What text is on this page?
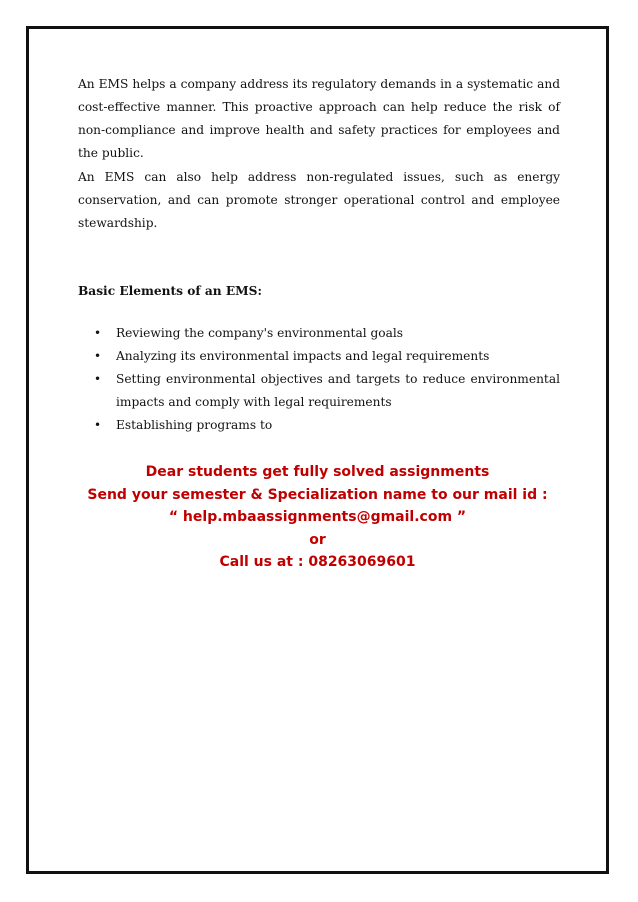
An EMS helps a company address its regulatory demands in a systematic and cost-effective manner. This proactive approach can help reduce the risk of non-compliance and improve health and safety practices for employees and the public.

An EMS can also help address non-regulated issues, such as energy conservation, and can promote stronger operational control and employee stewardship.

Basic Elements of an EMS:

• Reviewing the company's environmental goals
• Analyzing its environmental impacts and legal requirements
• Setting environmental objectives and targets to reduce environmental impacts and comply with legal requirements
• Establishing programs to
Dear students get fully solved assignments
Send your semester & Specialization name to our mail id :
“ help.mbaassignments@gmail.com ”
or
Call us at : 08263069601
